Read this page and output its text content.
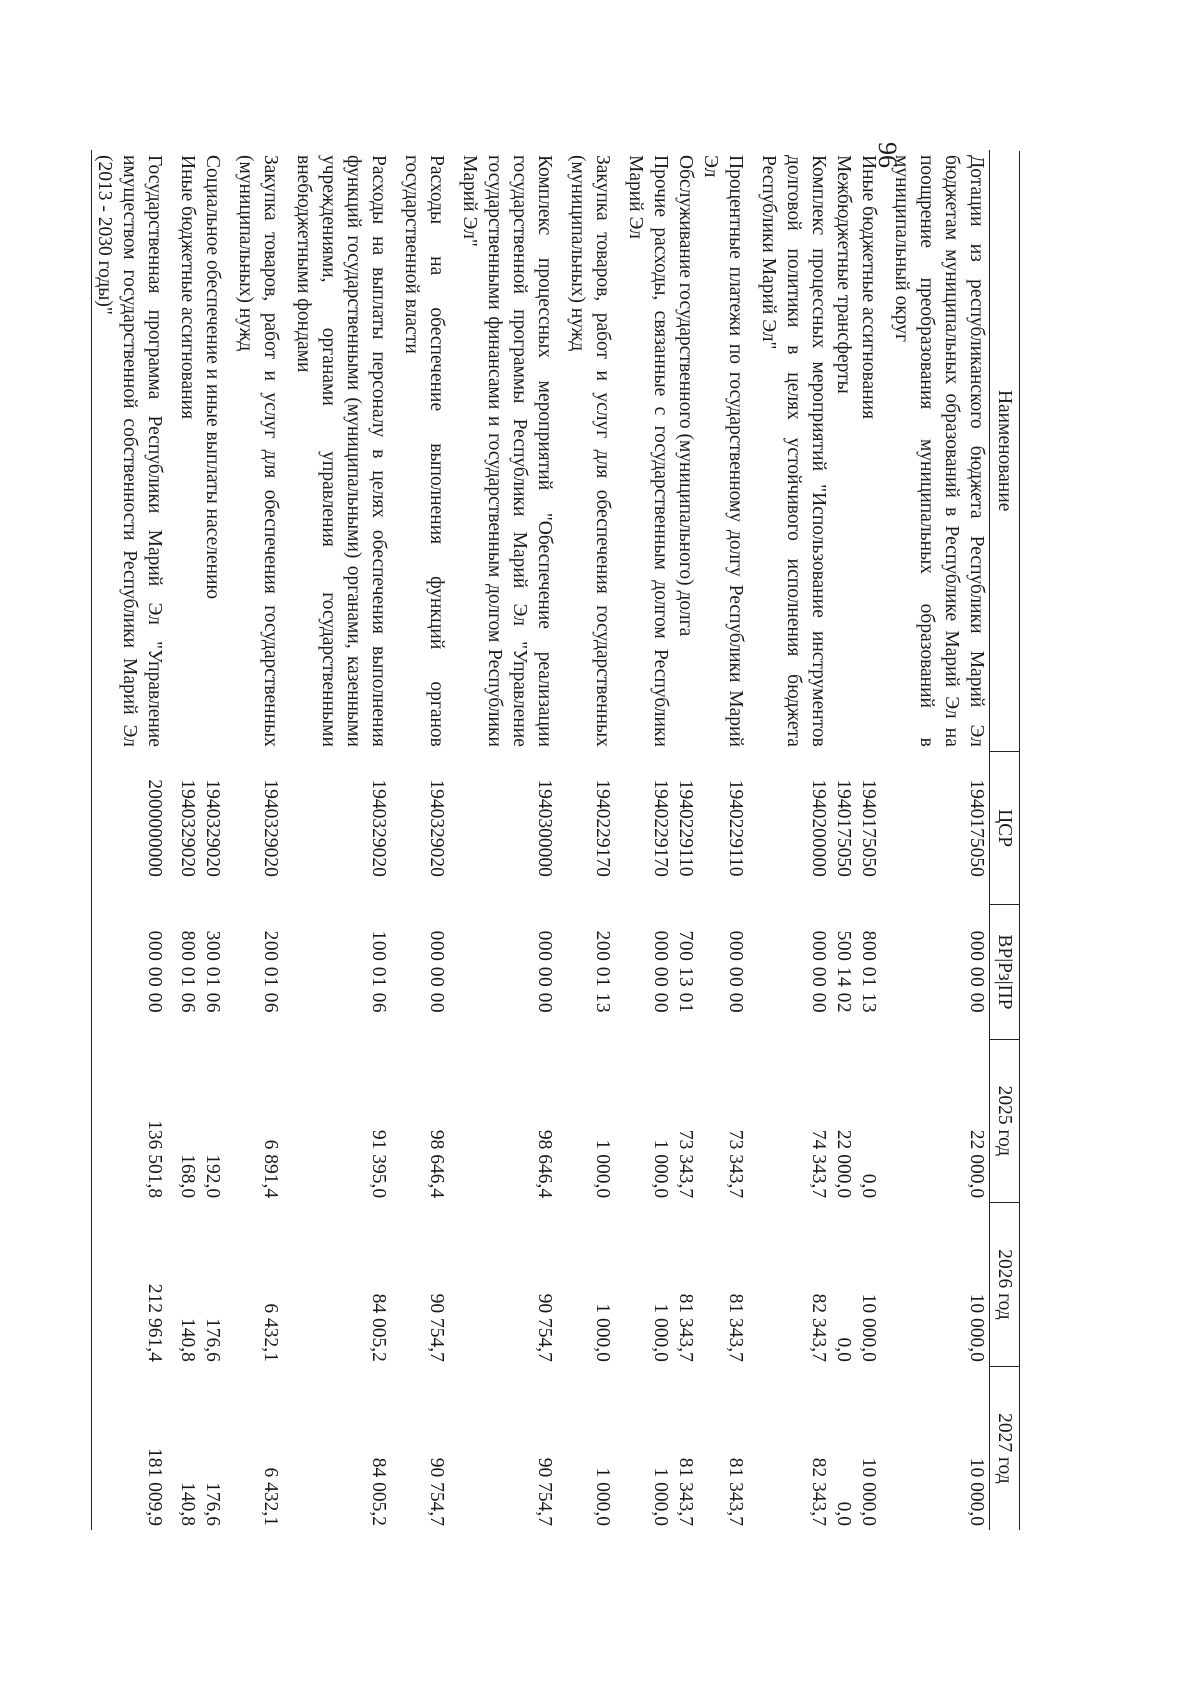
96
Наименование	ЦСР	ВР|Рз|ПР	2025 год	2026 год	2027 год
Дотации из республиканского бюджета Республики Марий Эл бюджетам муниципальных образований в Республике Марий Эл на поощрение преобразования муниципальных образований в муниципальный округ	1940175050	000 00 00	22 000,0	10 000,0	10 000,0
Иные бюджетные ассигнования	1940175050	800 01 13	0,0	10 000,0	10 000,0
Межбюджетные трансферты	1940175050	500 14 02	22 000,0	0,0	0,0
Комплекс процессных мероприятий "Использование инструментов долговой политики в целях устойчивого исполнения бюджета Республики Марий Эл"	1940200000	000 00 00	74 343,7	82 343,7	82 343,7
Процентные платежи по государственному долгу Республики Марий Эл	1940229110	000 00 00	73 343,7	81 343,7	81 343,7
Обслуживание государственного (муниципального) долга	1940229110	700 13 01	73 343,7	81 343,7	81 343,7
Прочие расходы, связанные с государственным долгом Республики Марий Эл	1940229170	000 00 00	1 000,0	1 000,0	1 000,0
Закупка товаров, работ и услуг для обеспечения государственных (муниципальных) нужд	1940229170	200 01 13	1 000,0	1 000,0	1 000,0
Комплекс процессных мероприятий "Обеспечение реализации государственной программы Республики Марий Эл "Управление государственными финансами и государственным долгом Республики Марий Эл"	1940300000	000 00 00	98 646,4	90 754,7	90 754,7
Расходы на обеспечение выполнения функций органов государственной власти	1940329020	000 00 00	98 646,4	90 754,7	90 754,7
Расходы на выплаты персоналу в целях обеспечения выполнения функций государственными (муниципальными) органами, казенными учреждениями, органами управления государственными внебюджетными фондами	1940329020	100 01 06	91 395,0	84 005,2	84 005,2
Закупка товаров, работ и услуг для обеспечения государственных (муниципальных) нужд	1940329020	200 01 06	6 891,4	6 432,1	6 432,1
Социальное обеспечение и иные выплаты населению	1940329020	300 01 06	192,0	176,6	176,6
Иные бюджетные ассигнования	1940329020	800 01 06	168,0	140,8	140,8
Государственная программа Республики Марий Эл "Управление имуществом государственной собственности Республики Марий Эл (2013 - 2030 годы)"	2000000000	000 00 00	136 501,8	212 961,4	181 009,9
